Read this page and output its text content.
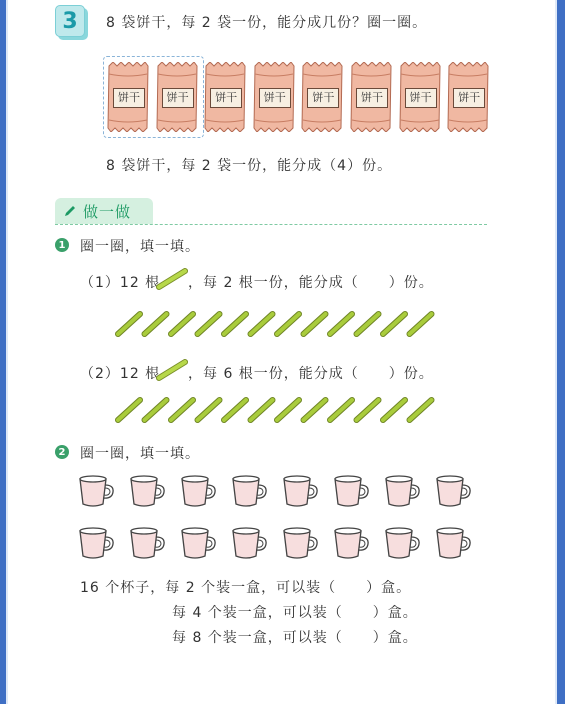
3	8 袋饼干，每 2 袋一份，能分成几份？圈一圈。
饼干	饼干	饼干	饼干	饼干	饼干	饼干	饼干
8 袋饼干，每 2 袋一份，能分成（4）份。
做一做
1 圈一圈，填一填。
（1）12 根 ，每 2 根一份，能分成（　　）份。
（2）12 根 ，每 6 根一份，能分成（　　）份。
2 圈一圈，填一填。
16 个杯子，每 2 个装一盒，可以装（　　）盒。
每 4 个装一盒，可以装（　　）盒。
每 8 个装一盒，可以装（　　）盒。
